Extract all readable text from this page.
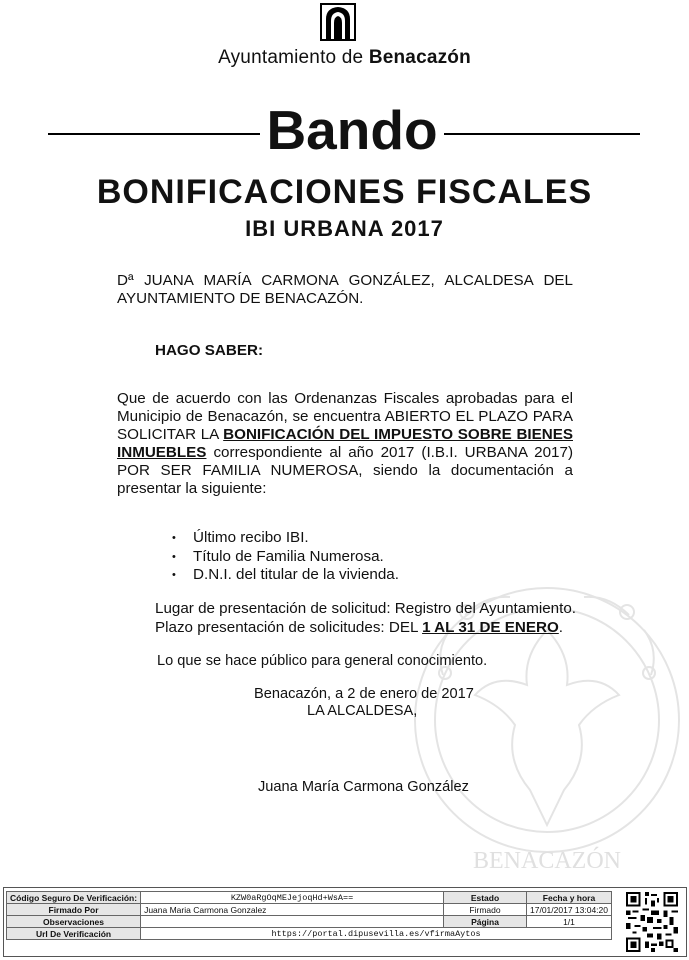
Ayuntamiento de Benacazón
Bando
BONIFICACIONES FISCALES
IBI URBANA 2017
BENACAZÓN
Dª JUANA MARÍA CARMONA GONZÁLEZ, ALCALDESA DEL AYUNTAMIENTO DE BENACAZÓN.
HAGO SABER:
Que de acuerdo con las Ordenanzas Fiscales aprobadas para el Municipio de Benacazón, se encuentra ABIERTO EL PLAZO PARA SOLICITAR LA BONIFICACIÓN DEL IMPUESTO SOBRE BIENES INMUEBLES correspondiente al año 2017 (I.B.I. URBANA 2017) POR SER FAMILIA NUMEROSA, siendo la documentación a presentar la siguiente:
• Último recibo IBI.
• Título de Familia Numerosa.
• D.N.I. del titular de la vivienda.
Lugar de presentación de solicitud: Registro del Ayuntamiento.
Plazo presentación de solicitudes: DEL 1 AL 31 DE ENERO.
Lo que se hace público para general conocimiento.
Benacazón, a 2 de enero de 2017
LA ALCALDESA,
Juana María Carmona González
Código Seguro De Verificación:	KZW0aRgOqMEJejoqHd+WsA==	Estado	Fecha y hora
Firmado Por	Juana Maria Carmona Gonzalez	Firmado	17/01/2017 13:04:20
Observaciones		Página	1/1
Url De Verificación	https://portal.dipusevilla.es/vfirmaAytos		
